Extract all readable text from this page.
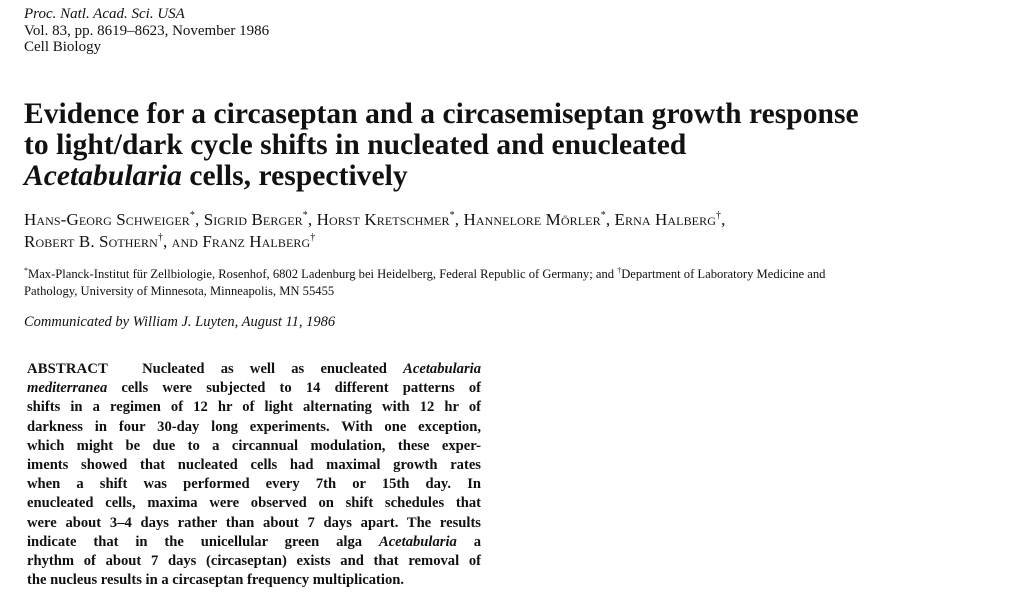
Proc. Natl. Acad. Sci. USA
Vol. 83, pp. 8619–8623, November 1986
Cell Biology
Evidence for a circaseptan and a circasemiseptan growth response
to light/dark cycle shifts in nucleated and enucleated
Acetabularia cells, respectively
Hans-Georg Schweiger*, Sigrid Berger*, Horst Kretschmer*, Hannelore Mörler*, Erna Halberg†,
Robert B. Sothern†, and Franz Halberg†
*Max-Planck-Institut für Zellbiologie, Rosenhof, 6802 Ladenburg bei Heidelberg, Federal Republic of Germany; and †Department of Laboratory Medicine and
Pathology, University of Minnesota, Minneapolis, MN 55455
Communicated by William J. Luyten, August 11, 1986
ABSTRACT Nucleated as well as enucleated Acetabularia
mediterranea cells were subjected to 14 different patterns of
shifts in a regimen of 12 hr of light alternating with 12 hr of
darkness in four 30-day long experiments. With one exception,
which might be due to a circannual modulation, these exper-
iments showed that nucleated cells had maximal growth rates
when a shift was performed every 7th or 15th day. In
enucleated cells, maxima were observed on shift schedules that
were about 3–4 days rather than about 7 days apart. The results
indicate that in the unicellular green alga Acetabularia a
rhythm of about 7 days (circaseptan) exists and that removal of
the nucleus results in a circaseptan frequency multiplication.
